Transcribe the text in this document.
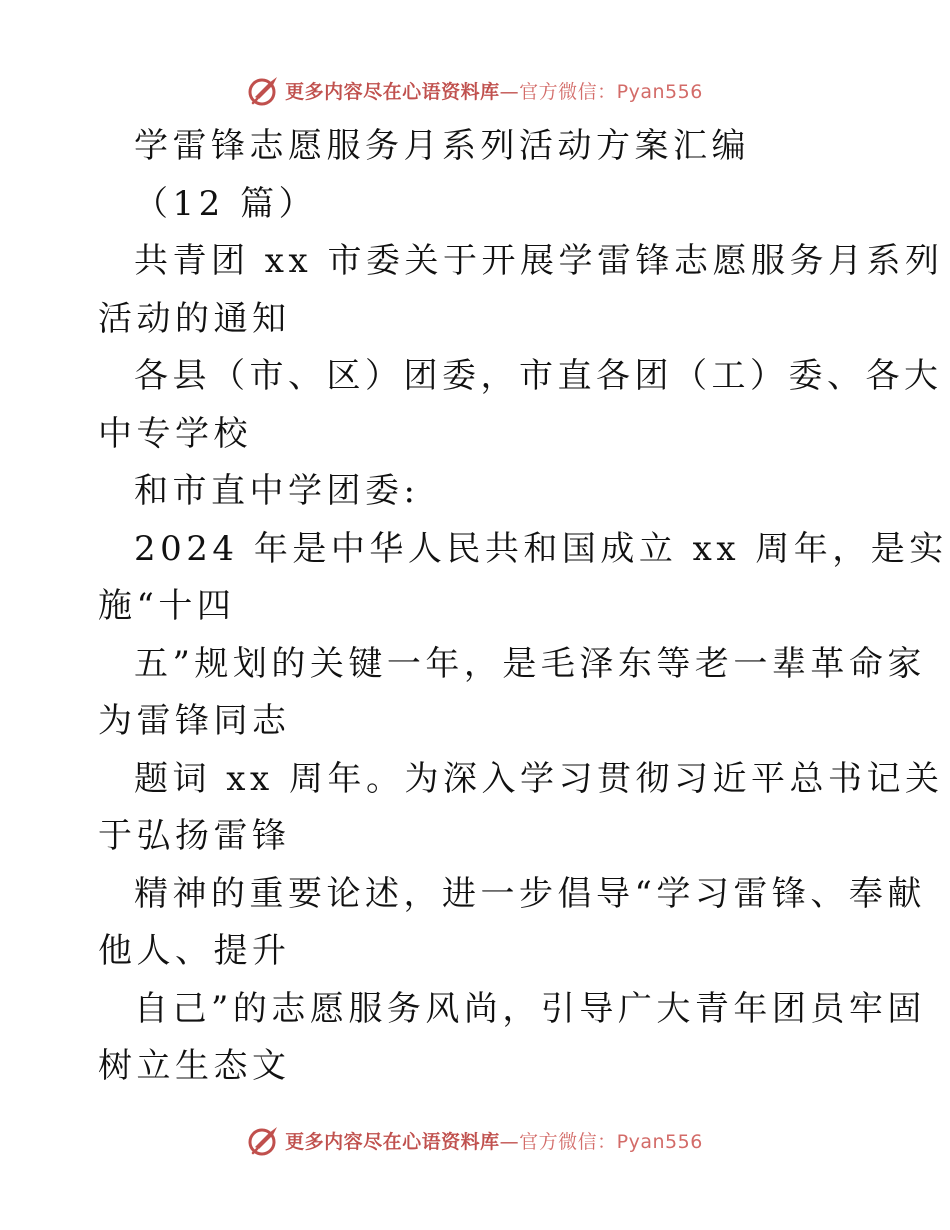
更多内容尽在心语资料库—官方微信：Pyan556
学雷锋志愿服务月系列活动方案汇编
（12 篇）
共青团 xx 市委关于开展学雷锋志愿服务月系列
活动的通知
各县（市、区）团委，市直各团（工）委、各大
中专学校
和市直中学团委:
2024 年是中华人民共和国成立 xx 周年，是实
施“十四
五”规划的关键一年，是毛泽东等老一辈革命家
为雷锋同志
题词 xx 周年。为深入学习贯彻习近平总书记关
于弘扬雷锋
精神的重要论述，进一步倡导“学习雷锋、奉献
他人、提升
自己”的志愿服务风尚，引导广大青年团员牢固
树立生态文
更多内容尽在心语资料库—官方微信：Pyan556
